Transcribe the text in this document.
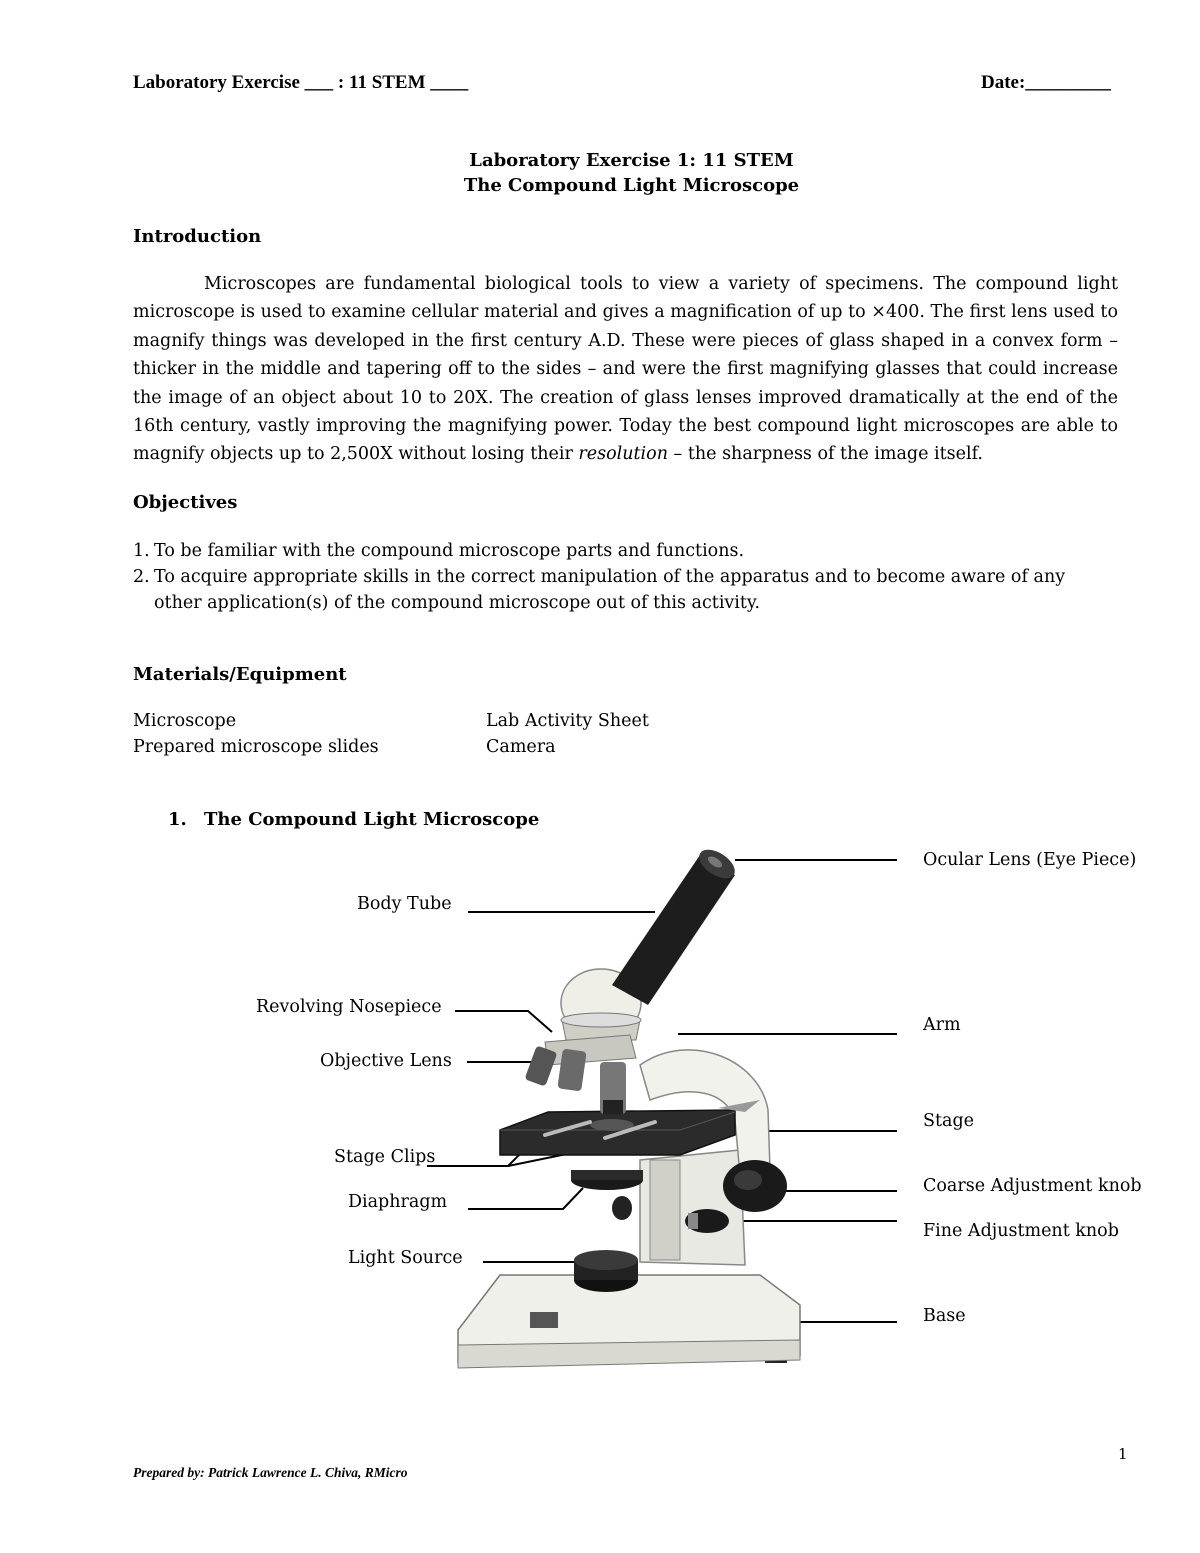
Laboratory Exercise ___ : 11 STEM ____	Date:_________
Laboratory Exercise 1: 11 STEM
The Compound Light Microscope
Introduction
Microscopes are fundamental biological tools to view a variety of specimens. The compound light microscope is used to examine cellular material and gives a magnification of up to ×400. The first lens used to magnify things was developed in the first century A.D. These were pieces of glass shaped in a convex form – thicker in the middle and tapering off to the sides – and were the first magnifying glasses that could increase the image of an object about 10 to 20X. The creation of glass lenses improved dramatically at the end of the 16th century, vastly improving the magnifying power. Today the best compound light microscopes are able to magnify objects up to 2,500X without losing their resolution – the sharpness of the image itself.
Objectives
1. To be familiar with the compound microscope parts and functions.
2. To acquire appropriate skills in the correct manipulation of the apparatus and to become aware of any other application(s) of the compound microscope out of this activity.
Materials/Equipment
Microscope
Prepared microscope slides
Lab Activity Sheet
Camera
1. The Compound Light Microscope
Body Tube
Revolving Nosepiece
Objective Lens
Stage Clips
Diaphragm
Light Source
Ocular Lens (Eye Piece)
Arm
Stage
Coarse Adjustment knob
Fine Adjustment knob
Base
1
Prepared by: Patrick Lawrence L. Chiva, RMicro
